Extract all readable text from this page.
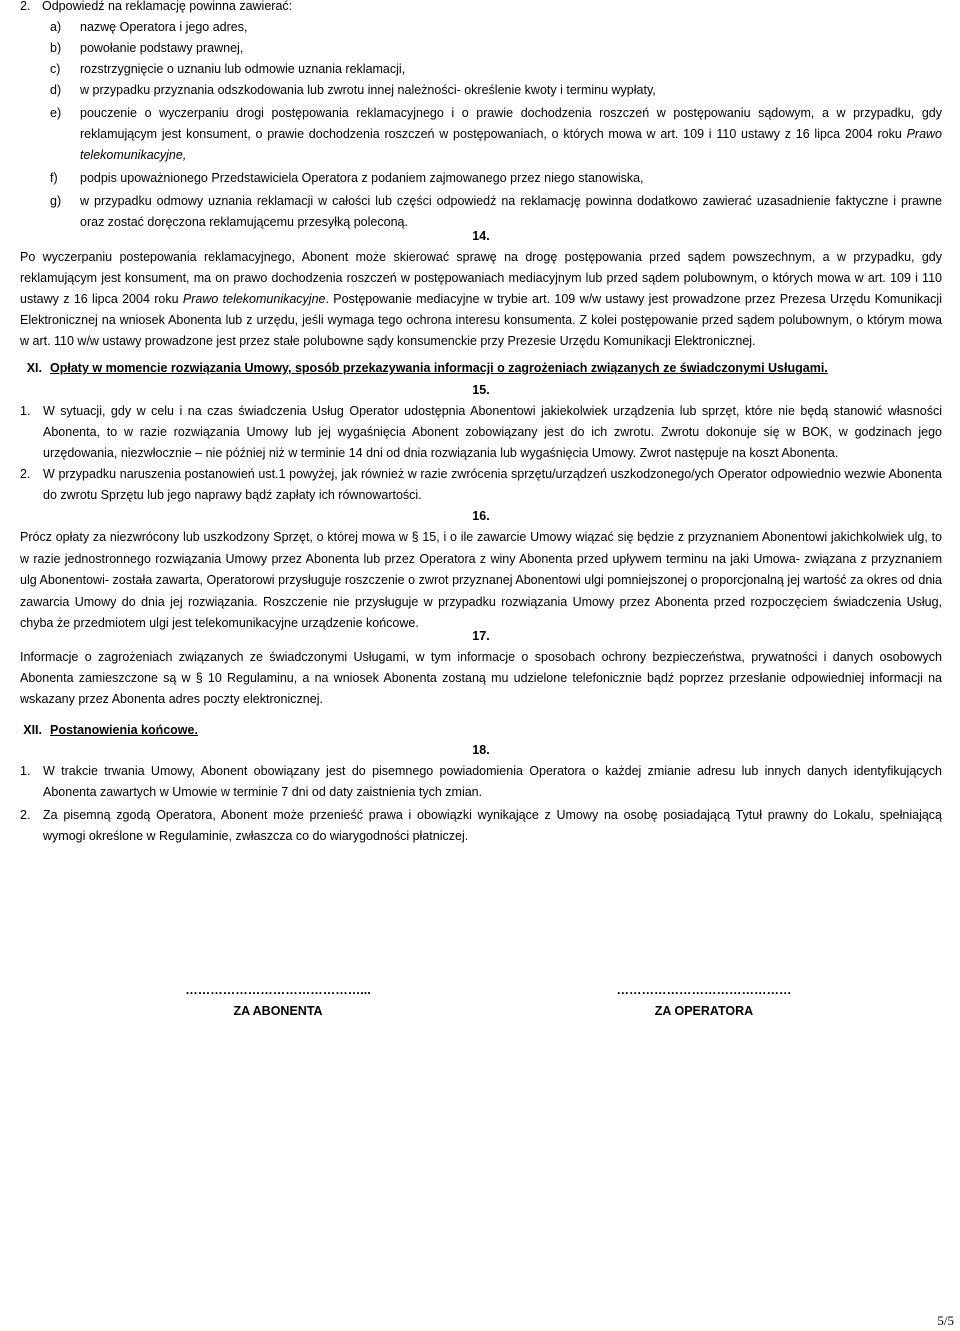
2. Odpowiedź na reklamację powinna zawierać:
a)	nazwę Operatora i jego adres,
b)	powołanie podstawy prawnej,
c)	rozstrzygnięcie o uznaniu lub odmowie uznania reklamacji,
d)	w przypadku przyznania odszkodowania lub zwrotu innej należności- określenie kwoty i terminu wypłaty,
e)	pouczenie o wyczerpaniu drogi postępowania reklamacyjnego i o prawie dochodzenia roszczeń w postępowaniu sądowym, a w przypadku, gdy reklamującym jest konsument, o prawie dochodzenia roszczeń w postępowaniach, o których mowa w art. 109 i 110 ustawy z 16 lipca 2004 roku Prawo telekomunikacyjne,
f)	podpis upoważnionego Przedstawiciela Operatora z podaniem zajmowanego przez niego stanowiska,
g)	w przypadku odmowy uznania reklamacji w całości lub części odpowiedź na reklamację powinna dodatkowo zawierać uzasadnienie faktyczne i prawne oraz zostać doręczona reklamującemu przesyłką poleconą.
14.
Po wyczerpaniu postepowania reklamacyjnego, Abonent może skierować sprawę na drogę postępowania przed sądem powszechnym, a w przypadku, gdy reklamującym jest konsument, ma on prawo dochodzenia roszczeń w postępowaniach mediacyjnym lub przed sądem polubownym, o których mowa w art. 109 i 110 ustawy z 16 lipca 2004 roku Prawo telekomunikacyjne. Postępowanie mediacyjne w trybie art. 109 w/w ustawy jest prowadzone przez Prezesa Urzędu Komunikacji Elektronicznej na wniosek Abonenta lub z urzędu, jeśli wymaga tego ochrona interesu konsumenta. Z kolei postępowanie przed sądem polubownym, o którym mowa w art. 110 w/w ustawy prowadzone jest przez stałe polubowne sądy konsumenckie przy Prezesie Urzędu Komunikacji Elektronicznej.
XI. Opłaty w momencie rozwiązania Umowy, sposób przekazywania informacji o zagrożeniach związanych ze świadczonymi Usługami.
15.
1.	W sytuacji, gdy w celu i na czas świadczenia Usług Operator udostępnia Abonentowi jakiekolwiek urządzenia lub sprzęt, które nie będą stanowić własności Abonenta, to w razie rozwiązania Umowy lub jej wygaśnięcia Abonent zobowiązany jest do ich zwrotu. Zwrotu dokonuje się w BOK, w godzinach jego urzędowania, niezwłocznie – nie później niż w terminie 14 dni od dnia rozwiązania lub wygaśnięcia Umowy. Zwrot następuje na koszt Abonenta.
2.	W przypadku naruszenia postanowień ust.1 powyżej, jak również w razie zwrócenia sprzętu/urządzeń uszkodzonego/ych Operator odpowiednio wezwie Abonenta do zwrotu Sprzętu lub jego naprawy bądź zapłaty ich równowartości.
16.
Prócz opłaty za niezwrócony lub uszkodzony Sprzęt, o której mowa w § 15, i o ile zawarcie Umowy wiązać się będzie z przyznaniem Abonentowi jakichkolwiek ulg, to w razie jednostronnego rozwiązania Umowy przez Abonenta lub przez Operatora z winy Abonenta przed upływem terminu na jaki Umowa- związana z przyznaniem ulg Abonentowi- została zawarta, Operatorowi przysługuje roszczenie o zwrot przyznanej Abonentowi ulgi pomniejszonej o proporcjonalną jej wartość za okres od dnia zawarcia Umowy do dnia jej rozwiązania. Roszczenie nie przysługuje w przypadku rozwiązania Umowy przez Abonenta przed rozpoczęciem świadczenia Usług, chyba że przedmiotem ulgi jest telekomunikacyjne urządzenie końcowe.
17.
Informacje o zagrożeniach związanych ze świadczonymi Usługami, w tym informacje o sposobach ochrony bezpieczeństwa, prywatności i danych osobowych Abonenta zamieszczone są w § 10 Regulaminu, a na wniosek Abonenta zostaną mu udzielone telefonicznie bądź poprzez przesłanie odpowiedniej informacji na wskazany przez Abonenta adres poczty elektronicznej.
XII. Postanowienia końcowe.
18.
1.	W trakcie trwania Umowy, Abonent obowiązany jest do pisemnego powiadomienia Operatora o każdej zmianie adresu lub innych danych identyfikujących Abonenta zawartych w Umowie w terminie 7 dni od daty zaistnienia tych zmian.
2.	Za pisemną zgodą Operatora, Abonent może przenieść prawa i obowiązki wynikające z Umowy na osobę posiadającą Tytuł prawny do Lokalu, spełniającą wymogi określone w Regulaminie, zwłaszcza co do wiarygodności płatniczej.
……………………………………...
ZA ABONENTA
……………………………………
ZA OPERATORA
5/5
